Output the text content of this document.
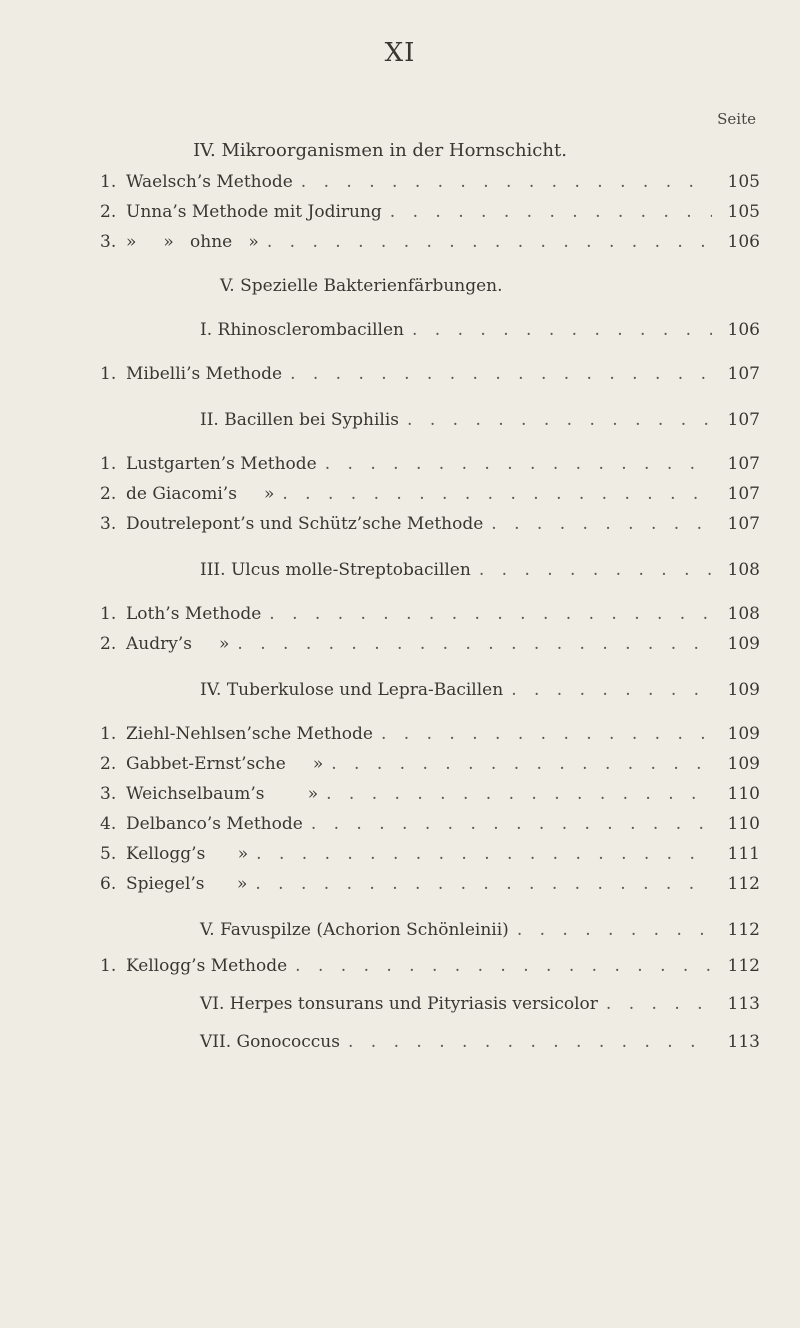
XI
Seite
IV. Mikroorganismen in der Hornschicht.
1. Waelsch’s Methode . . .	105
2. Unna’s Methode mit Jodirung . . .	105
3. »     »   ohne   » . . .	106
V. Spezielle Bakterienfärbungen.
I. Rhinosclerombacillen . . .	106
1. Mibelli’s Methode . . .	107
II. Bacillen bei Syphilis . . .	107
1. Lustgarten’s Methode . . .	107
2. de Giacomi’s     » . . .	107
3. Doutrelepont’s und Schütz’sche Methode . . .	107
III. Ulcus molle-Streptobacillen . . .	108
1. Loth’s Methode . . .	108
2. Audry’s     » . . .	109
IV. Tuberkulose und Lepra-Bacillen . . .	109
1. Ziehl-Nehlsen’sche Methode . . .	109
2. Gabbet-Ernst’sche     » . . .	109
3. Weichselbaum’s        » . . .	110
4. Delbanco’s Methode . . .	110
5. Kellogg’s      » . . .	111
6. Spiegel’s      » . . .	112
V. Favuspilze (Achorion Schönleinii) . . .	112
1. Kellogg’s Methode . . .	112
VI. Herpes tonsurans und Pityriasis versicolor . . .	113
VII. Gonococcus . . .	113
